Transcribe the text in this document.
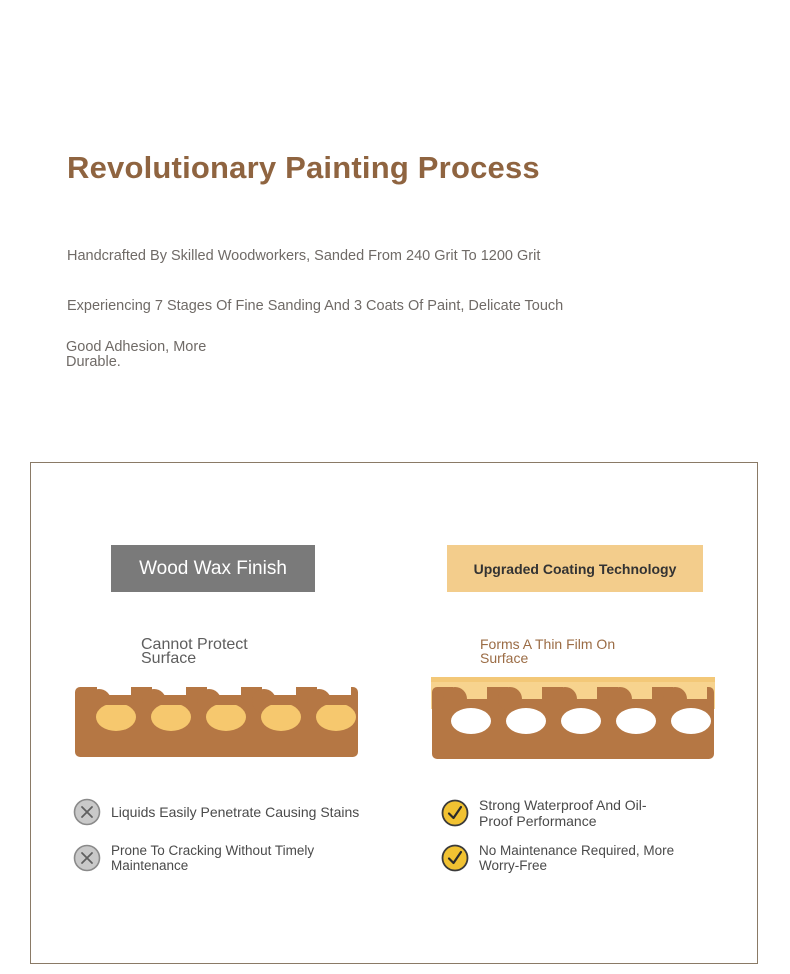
Revolutionary Painting Process

Handcrafted By Skilled Woodworkers, Sanded From 240 Grit To 1200 Grit

Experiencing 7 Stages Of Fine Sanding And 3 Coats Of Paint, Delicate Touch

Good Adhesion, More Durable.

Wood Wax Finish	Upgraded Coating Technology

Cannot Protect Surface

Forms A Thin Film On Surface

Liquids Easily Penetrate Causing Stains
Prone To Cracking Without Timely Maintenance
Strong Waterproof And Oil-Proof Performance
No Maintenance Required, More Worry-Free
